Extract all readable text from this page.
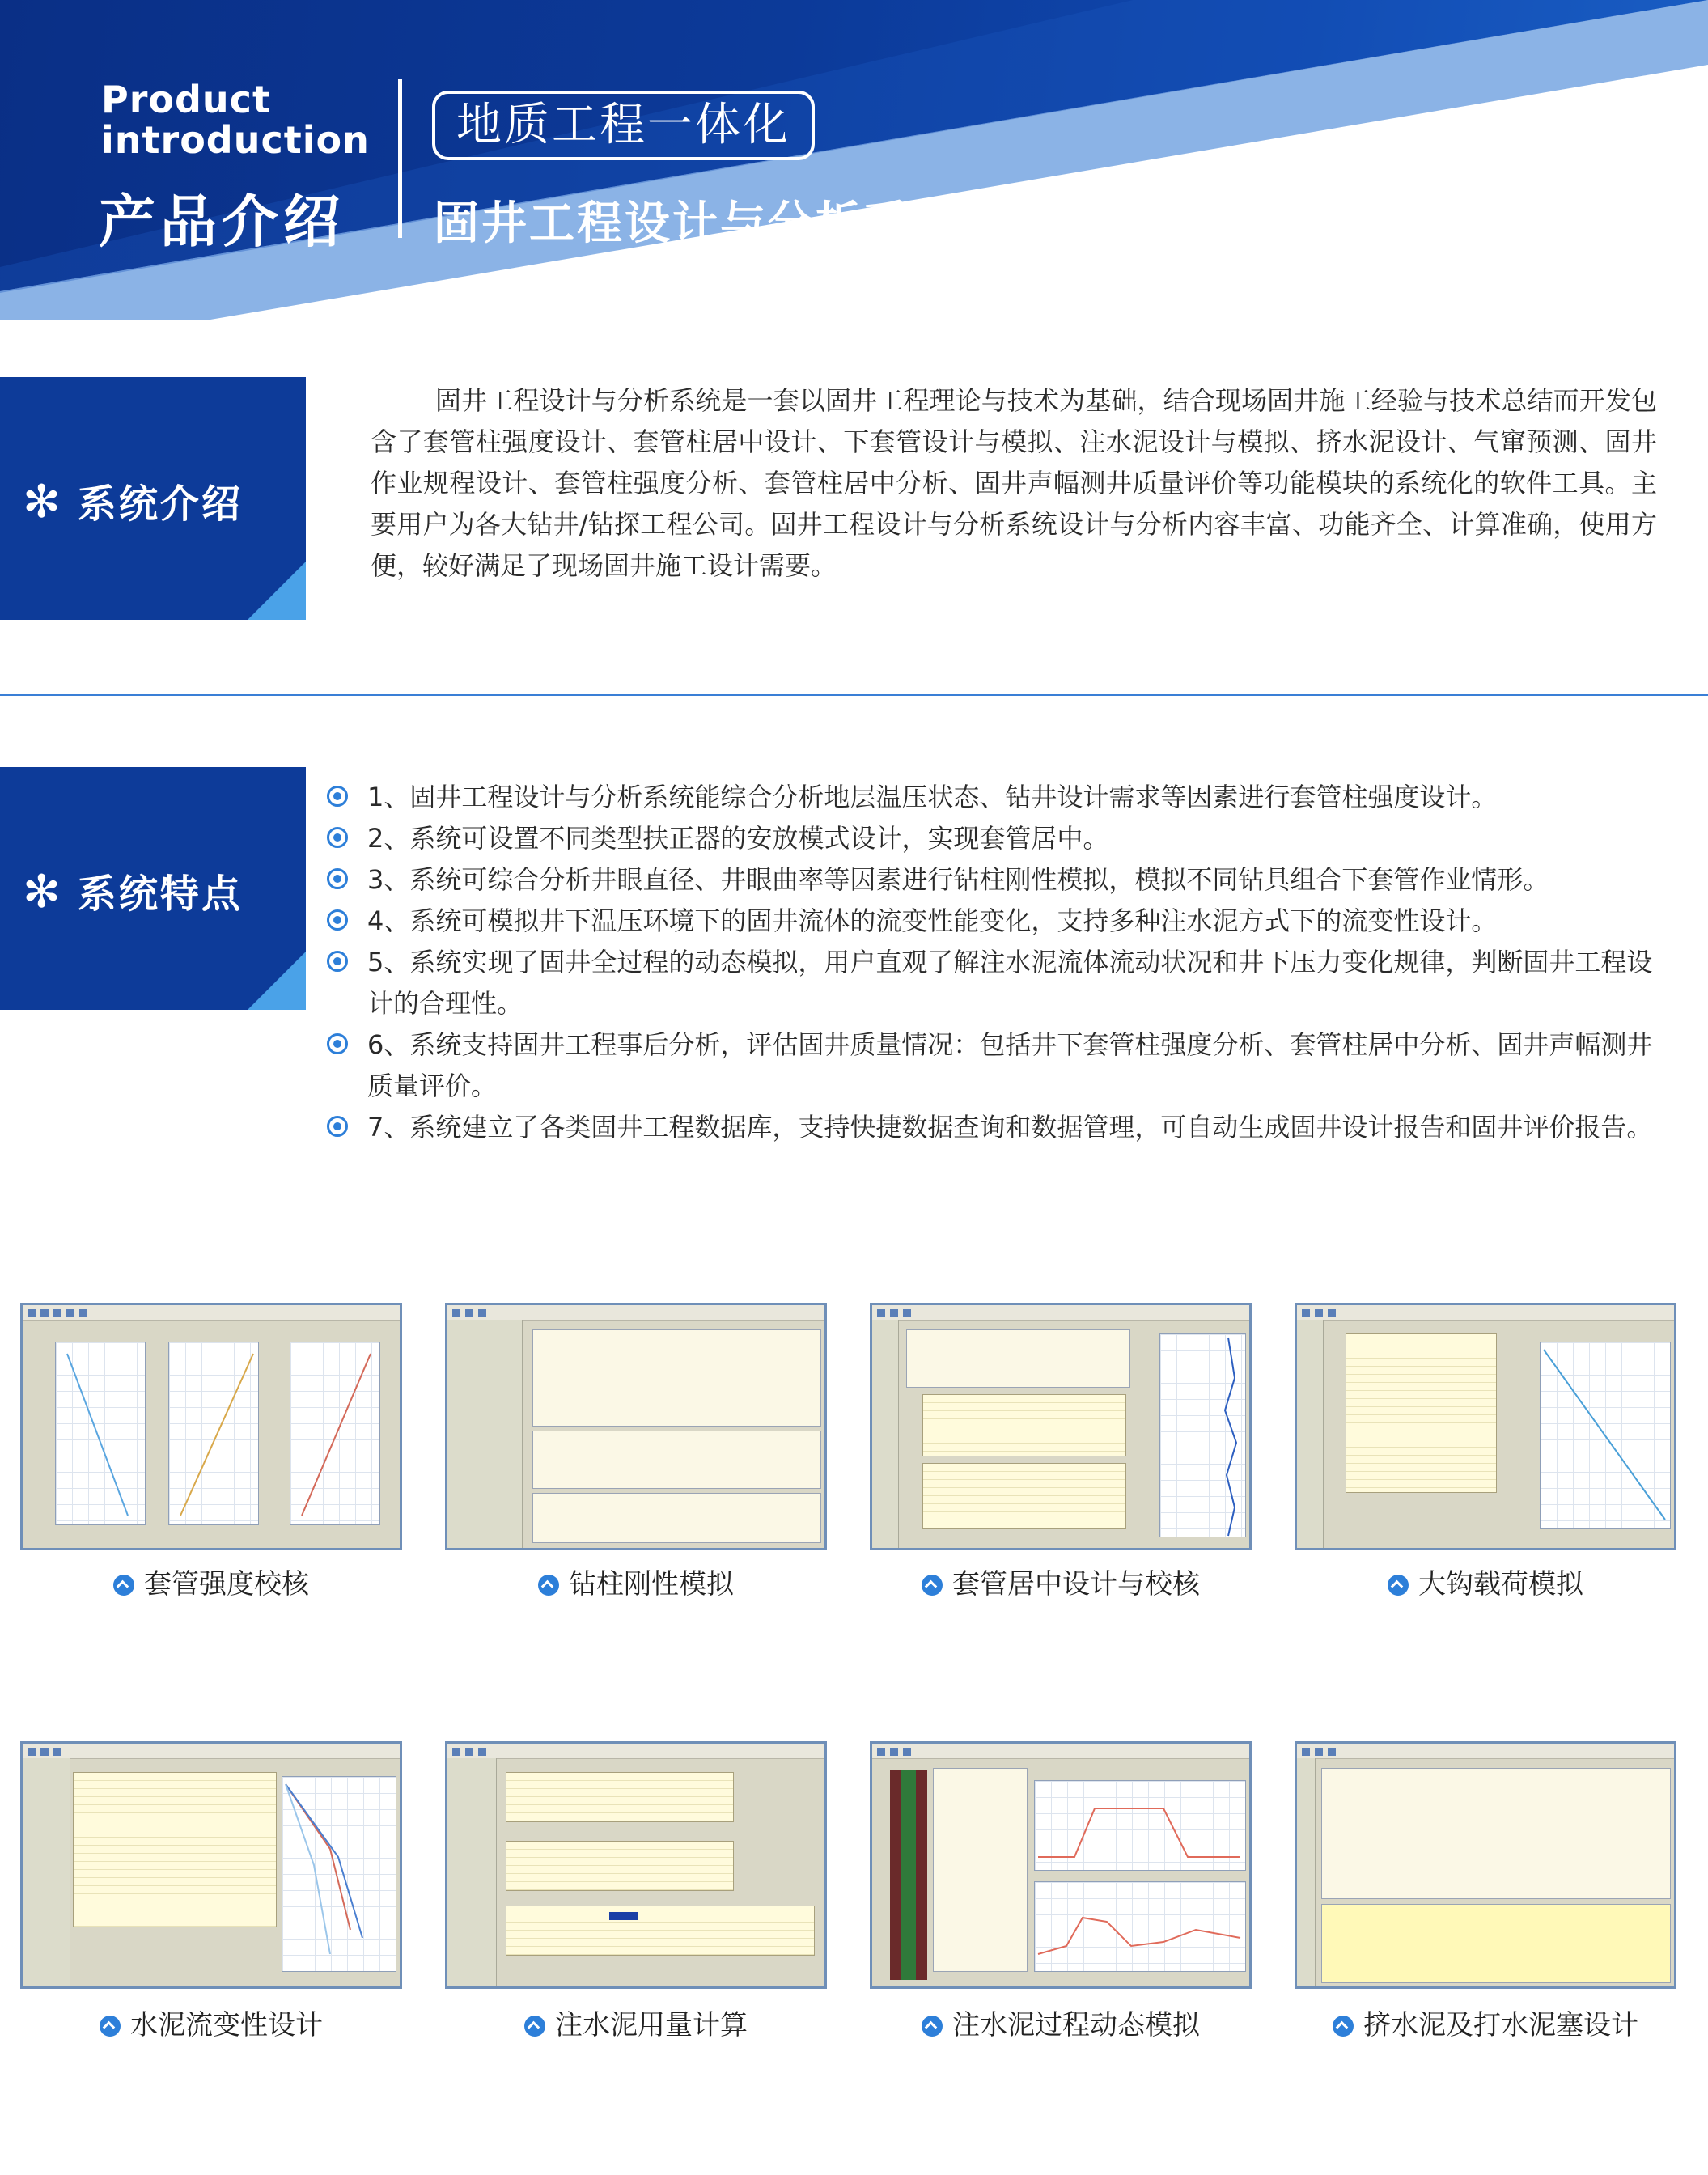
Product
introduction
产品介绍
地质工程一体化
固井工程设计与分析系统
✻ 系统介绍

固井工程设计与分析系统是一套以固井工程理论与技术为基础，结合现场固井施工经验与技术总结而开发包含了套管柱强度设计、套管柱居中设计、下套管设计与模拟、注水泥设计与模拟、挤水泥设计、气窜预测、固井作业规程设计、套管柱强度分析、套管柱居中分析、固井声幅测井质量评价等功能模块的系统化的软件工具。主要用户为各大钻井/钻探工程公司。固井工程设计与分析系统设计与分析内容丰富、功能齐全、计算准确，使用方便，较好满足了现场固井施工设计需要。

✻ 系统特点
1、固井工程设计与分析系统能综合分析地层温压状态、钻井设计需求等因素进行套管柱强度设计。
2、系统可设置不同类型扶正器的安放模式设计，实现套管居中。
3、系统可综合分析井眼直径、井眼曲率等因素进行钻柱刚性模拟，模拟不同钻具组合下套管作业情形。
4、系统可模拟井下温压环境下的固井流体的流变性能变化，支持多种注水泥方式下的流变性设计。
5、系统实现了固井全过程的动态模拟，用户直观了解注水泥流体流动状况和井下压力变化规律，判断固井工程设计的合理性。
6、系统支持固井工程事后分析，评估固井质量情况：包括井下套管柱强度分析、套管柱居中分析、固井声幅测井质量评价。
7、系统建立了各类固井工程数据库，支持快捷数据查询和数据管理，可自动生成固井设计报告和固井评价报告。
套管强度校核	钻柱刚性模拟	套管居中设计与校核	大钩载荷模拟
水泥流变性设计	注水泥用量计算	注水泥过程动态模拟	挤水泥及打水泥塞设计
